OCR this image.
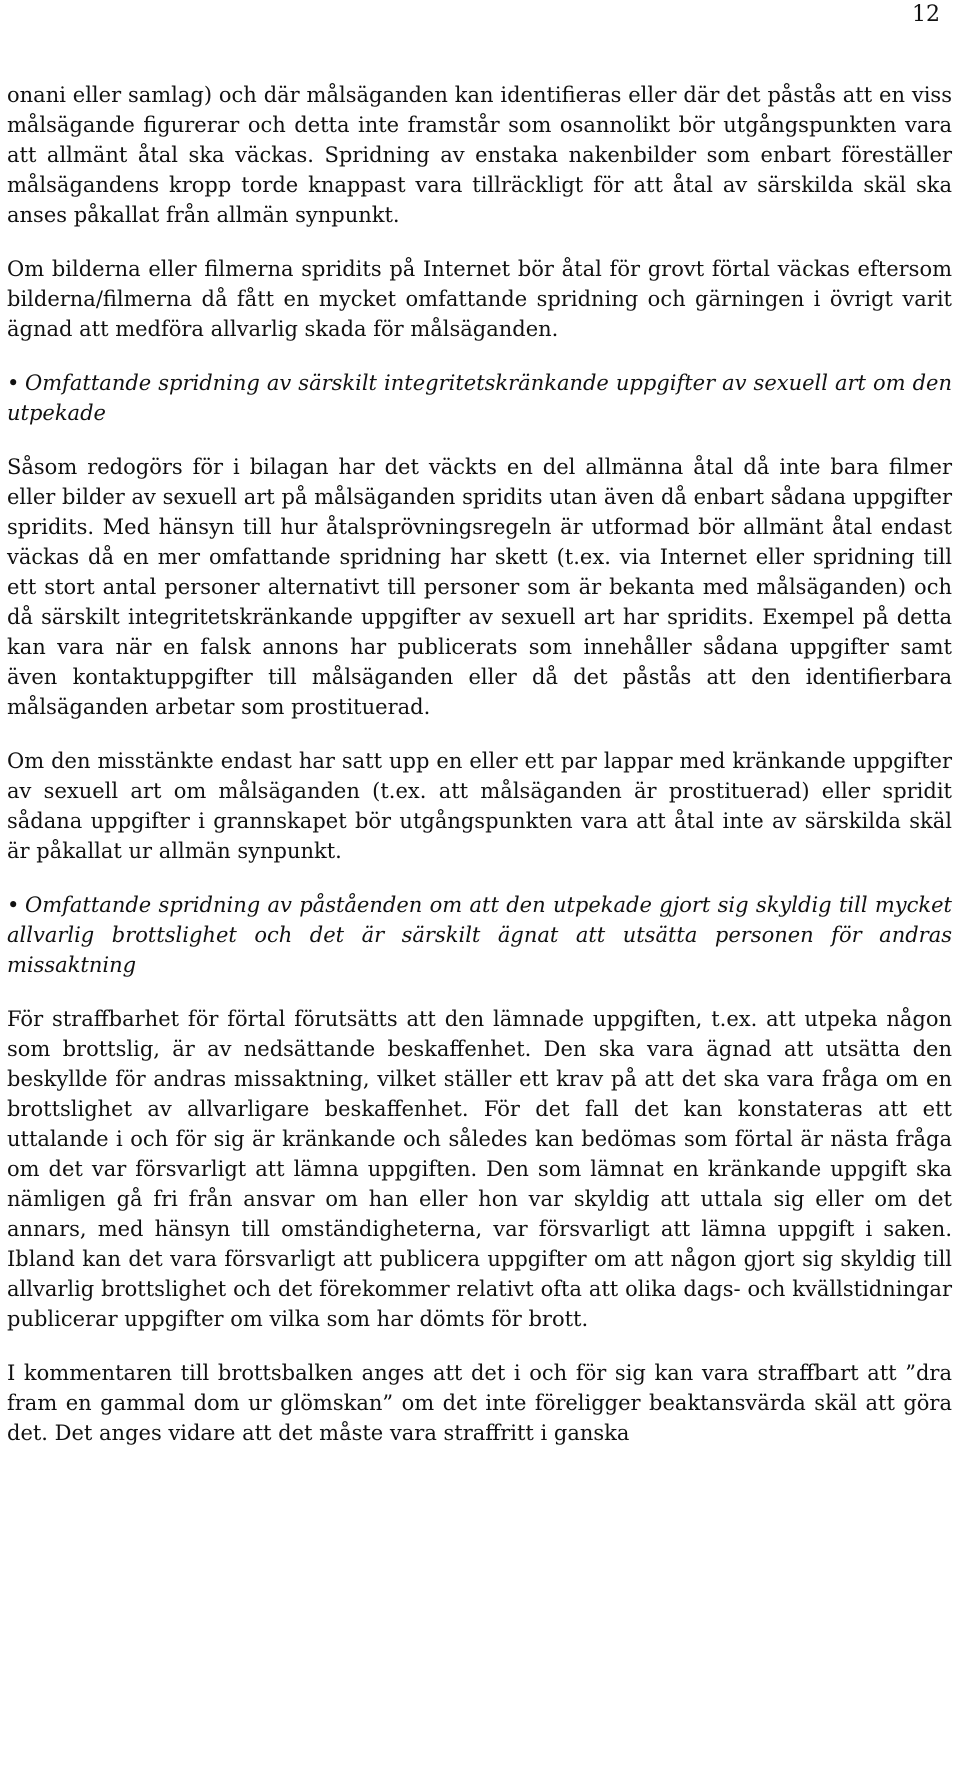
12

onani eller samlag) och där målsäganden kan identifieras eller där det påstås att en viss målsägande figurerar och detta inte framstår som osannolikt bör utgångspunkten vara att allmänt åtal ska väckas. Spridning av enstaka nakenbilder som enbart föreställer målsägandens kropp torde knappast vara tillräckligt för att åtal av särskilda skäl ska anses påkallat från allmän synpunkt.

Om bilderna eller filmerna spridits på Internet bör åtal för grovt förtal väckas eftersom bilderna/filmerna då fått en mycket omfattande spridning och gärningen i övrigt varit ägnad att medföra allvarlig skada för målsäganden.

• Omfattande spridning av särskilt integritetskränkande uppgifter av sexuell art om den utpekade

Såsom redogörs för i bilagan har det väckts en del allmänna åtal då inte bara filmer eller bilder av sexuell art på målsäganden spridits utan även då enbart sådana uppgifter spridits. Med hänsyn till hur åtalsprövningsregeln är utformad bör allmänt åtal endast väckas då en mer omfattande spridning har skett (t.ex. via Internet eller spridning till ett stort antal personer alternativt till personer som är bekanta med målsäganden) och då särskilt integritetskränkande uppgifter av sexuell art har spridits. Exempel på detta kan vara när en falsk annons har publicerats som innehåller sådana uppgifter samt även kontaktuppgifter till målsäganden eller då det påstås att den identifierbara målsäganden arbetar som prostituerad.

Om den misstänkte endast har satt upp en eller ett par lappar med kränkande uppgifter av sexuell art om målsäganden (t.ex. att målsäganden är prostituerad) eller spridit sådana uppgifter i grannskapet bör utgångspunkten vara att åtal inte av särskilda skäl är påkallat ur allmän synpunkt.

• Omfattande spridning av påståenden om att den utpekade gjort sig skyldig till mycket allvarlig brottslighet och det är särskilt ägnat att utsätta personen för andras missaktning

För straffbarhet för förtal förutsätts att den lämnade uppgiften, t.ex. att utpeka någon som brottslig, är av nedsättande beskaffenhet. Den ska vara ägnad att utsätta den beskyllde för andras missaktning, vilket ställer ett krav på att det ska vara fråga om en brottslighet av allvarligare beskaffenhet. För det fall det kan konstateras att ett uttalande i och för sig är kränkande och således kan bedömas som förtal är nästa fråga om det var försvarligt att lämna uppgiften. Den som lämnat en kränkande uppgift ska nämligen gå fri från ansvar om han eller hon var skyldig att uttala sig eller om det annars, med hänsyn till omständigheterna, var försvarligt att lämna uppgift i saken. Ibland kan det vara försvarligt att publicera uppgifter om att någon gjort sig skyldig till allvarlig brottslighet och det förekommer relativt ofta att olika dags- och kvällstidningar publicerar uppgifter om vilka som har dömts för brott.

I kommentaren till brottsbalken anges att det i och för sig kan vara straffbart att ”dra fram en gammal dom ur glömskan” om det inte föreligger beaktansvärda skäl att göra det. Det anges vidare att det måste vara straffritt i ganska
